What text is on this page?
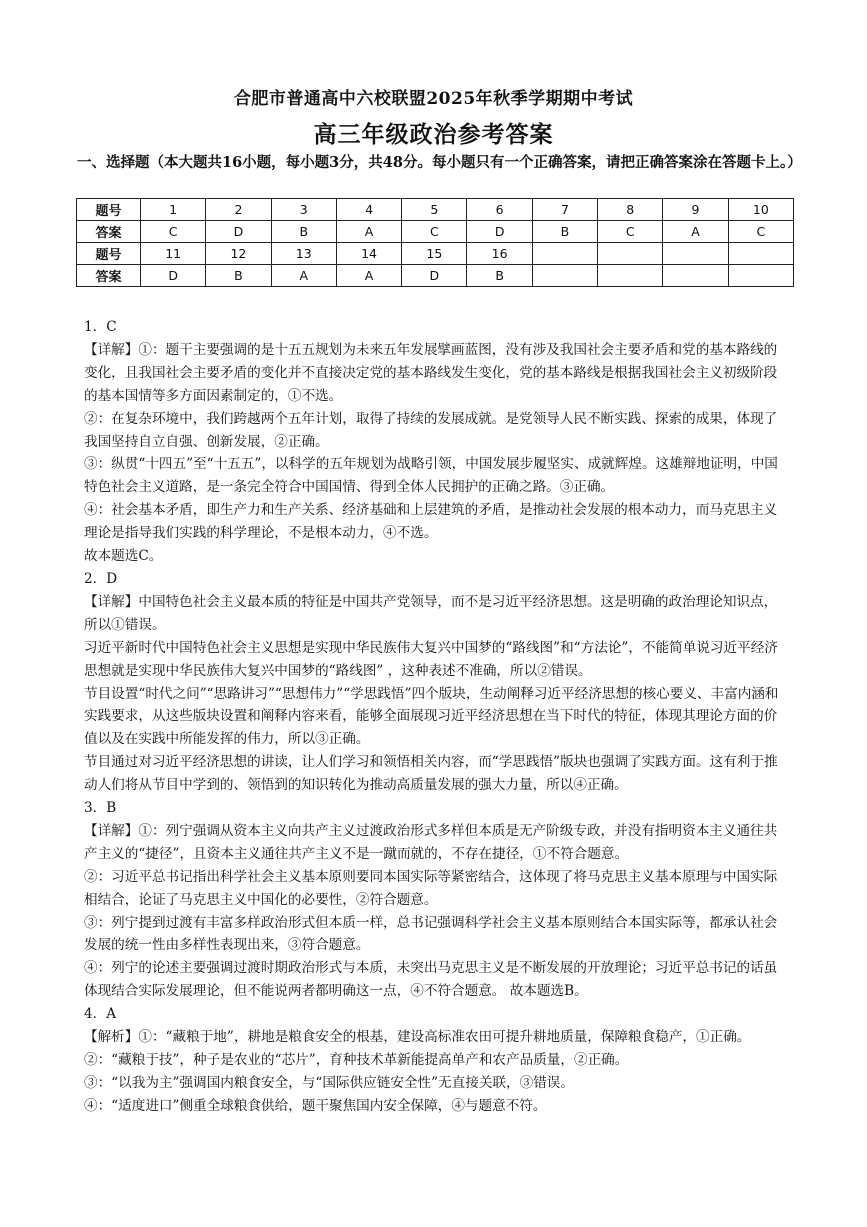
合肥市普通高中六校联盟2025年秋季学期期中考试
高三年级政治参考答案
一、选择题（本大题共16小题，每小题3分，共48分。每小题只有一个正确答案，请把正确答案涂在答题卡上。）
题号	1	2	3	4	5	6	7	8	9	10
答案	C	D	B	A	C	D	B	C	A	C
题号	11	12	13	14	15	16				
答案	D	B	A	A	D	B				

1．C

【详解】①：题干主要强调的是十五五规划为未来五年发展擘画蓝图，没有涉及我国社会主要矛盾和党的基本路线的变化，且我国社会主要矛盾的变化并不直接决定党的基本路线发生变化，党的基本路线是根据我国社会主义初级阶段的基本国情等多方面因素制定的，①不选。

②：在复杂环境中，我们跨越两个五年计划，取得了持续的发展成就。是党领导人民不断实践、探索的成果，体现了我国坚持自立自强、创新发展，②正确。

③：纵贯“十四五”至“十五五”，以科学的五年规划为战略引领，中国发展步履坚实、成就辉煌。这雄辩地证明，中国特色社会主义道路，是一条完全符合中国国情、得到全体人民拥护的正确之路。③正确。

④：社会基本矛盾，即生产力和生产关系、经济基础和上层建筑的矛盾，是推动社会发展的根本动力，而马克思主义理论是指导我们实践的科学理论，不是根本动力，④不选。

故本题选C。

2．D

【详解】中国特色社会主义最本质的特征是中国共产党领导，而不是习近平经济思想。这是明确的政治理论知识点，所以①错误。

习近平新时代中国特色社会主义思想是实现中华民族伟大复兴中国梦的“路线图”和“方法论”，不能简单说习近平经济思想就是实现中华民族伟大复兴中国梦的“路线图” ，这种表述不准确，所以②错误。

节目设置“时代之问”“思路讲习”“思想伟力”“学思践悟”四个版块，生动阐释习近平经济思想的核心要义、丰富内涵和实践要求，从这些版块设置和阐释内容来看，能够全面展现习近平经济思想在当下时代的特征，体现其理论方面的价值以及在实践中所能发挥的伟力，所以③正确。

节目通过对习近平经济思想的讲读，让人们学习和领悟相关内容，而“学思践悟”版块也强调了实践方面。这有利于推动人们将从节目中学到的、领悟到的知识转化为推动高质量发展的强大力量，所以④正确。

3．B

【详解】①：列宁强调从资本主义向共产主义过渡政治形式多样但本质是无产阶级专政，并没有指明资本主义通往共产主义的“捷径”，且资本主义通往共产主义不是一蹴而就的，不存在捷径，①不符合题意。

②：习近平总书记指出科学社会主义基本原则要同本国实际等紧密结合，这体现了将马克思主义基本原理与中国实际相结合，论证了马克思主义中国化的必要性，②符合题意。

③：列宁提到过渡有丰富多样政治形式但本质一样，总书记强调科学社会主义基本原则结合本国实际等，都承认社会发展的统一性由多样性表现出来，③符合题意。

④：列宁的论述主要强调过渡时期政治形式与本质，未突出马克思主义是不断发展的开放理论；习近平总书记的话虽体现结合实际发展理论，但不能说两者都明确这一点，④不符合题意。 故本题选B。

4．A

【解析】①：“藏粮于地”，耕地是粮食安全的根基，建设高标准农田可提升耕地质量，保障粮食稳产，①正确。

②：“藏粮于技”，种子是农业的“芯片”，育种技术革新能提高单产和农产品质量，②正确。

③：“以我为主”强调国内粮食安全，与“国际供应链安全性”无直接关联，③错误。

④：“适度进口”侧重全球粮食供给，题干聚焦国内安全保障，④与题意不符。
